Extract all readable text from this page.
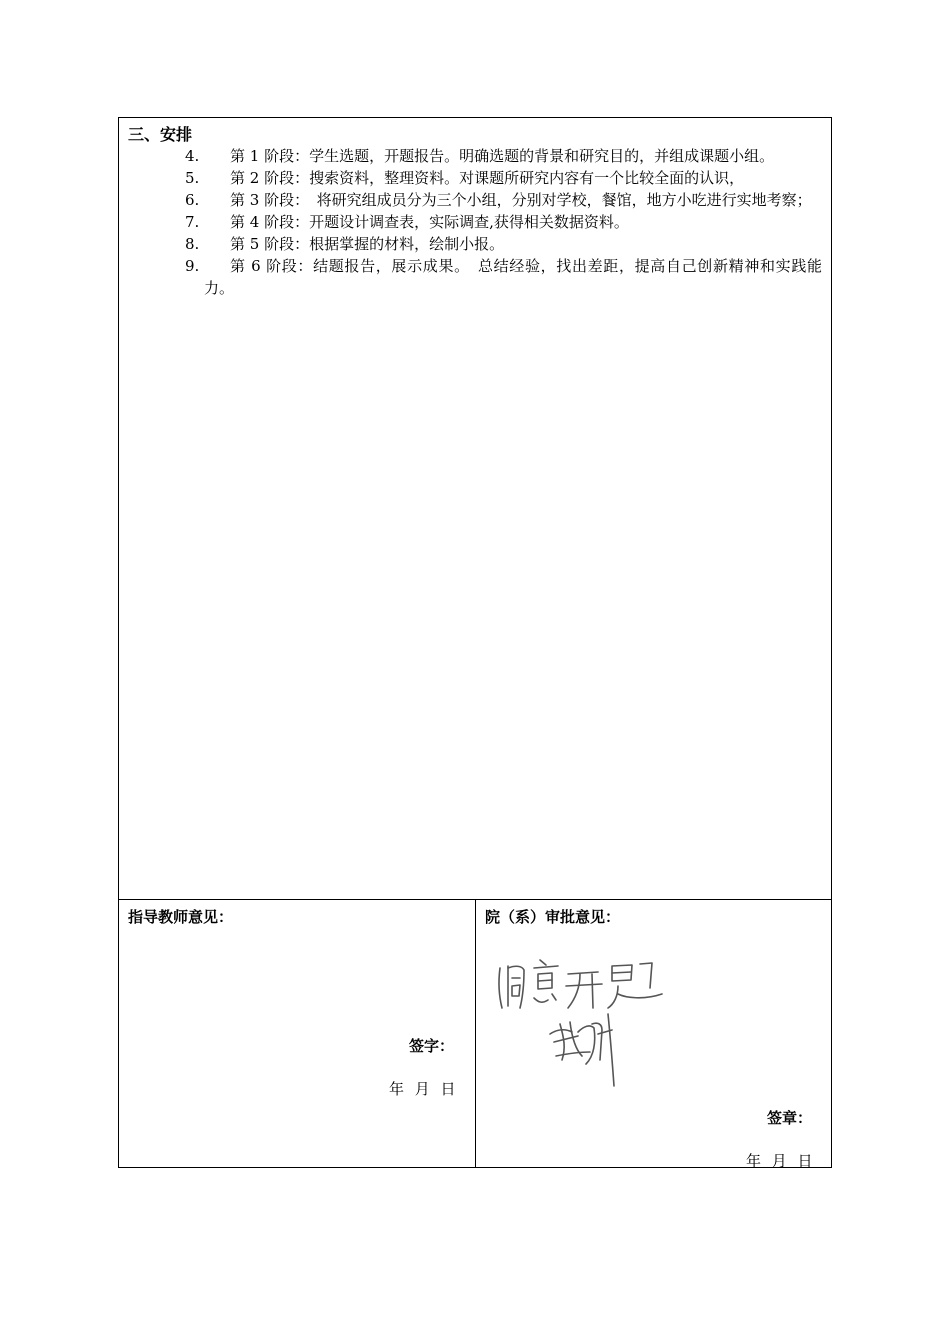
三、安排
4.	第 1 阶段：学生选题，开题报告。明确选题的背景和研究目的，并组成课题小组。
5.	第 2 阶段：搜索资料，整理资料。对课题所研究内容有一个比较全面的认识，
6.	第 3 阶段：　将研究组成员分为三个小组，分别对学校，餐馆，地方小吃进行实地考察；
7.	第 4 阶段：开题设计调查表，实际调查,获得相关数据资料。
8.	第 5 阶段：根据掌握的材料，绘制小报。
9.	第 6 阶段：结题报告，展示成果。　总结经验，找出差距，提高自己创新精神和实践能力。
指导教师意见：
签字：
年 月 日
院（系）审批意见：
签章：
年 月 日
